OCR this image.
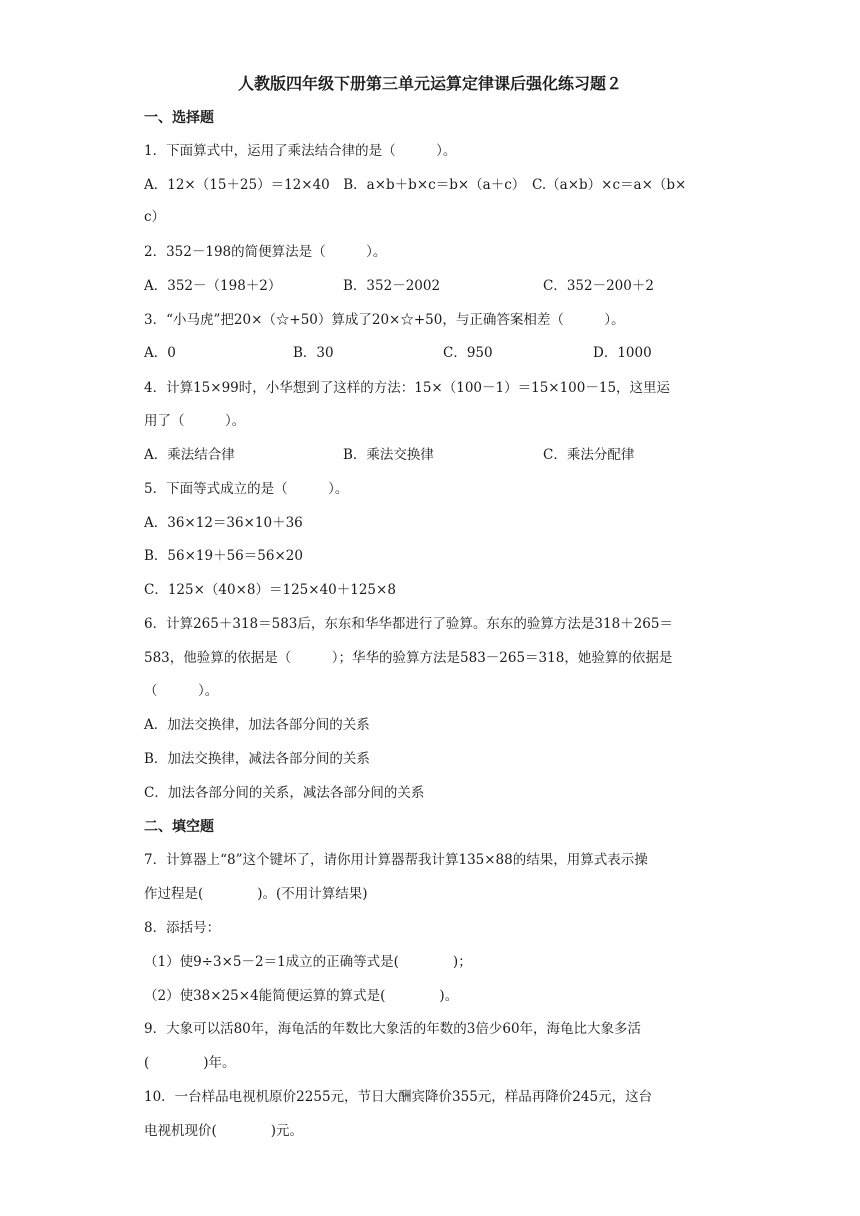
人教版四年级下册第三单元运算定律课后强化练习题２
一、选择题
1．下面算式中，运用了乘法结合律的是（　　　）。
A．12×（15＋25）＝12×40　B．a×b＋b×c＝b×（a＋c）　C.（a×b）×c＝a×（b×
c）
2．352－198的简便算法是（　　　）。
A．352－（198＋2）	B．352－2002	C．352－200＋2
3．“小马虎”把20×（☆+50）算成了20×☆+50，与正确答案相差（　　　）。
A．0	B．30	C．950	D．1000
4．计算15×99时，小华想到了这样的方法：15×（100－1）＝15×100－15，这里运
用了（　　　）。
A．乘法结合律	B．乘法交换律	C．乘法分配律
5．下面等式成立的是（　　　）。
A．36×12＝36×10＋36
B．56×19＋56＝56×20
C．125×（40×8）＝125×40＋125×8
6．计算265＋318＝583后，东东和华华都进行了验算。东东的验算方法是318＋265＝
583，他验算的依据是（　　　）；华华的验算方法是583－265＝318，她验算的依据是
（　　　）。
A．加法交换律，加法各部分间的关系
B．加法交换律，减法各部分间的关系
C．加法各部分间的关系，减法各部分间的关系
二、填空题
7．计算器上“8”这个键坏了，请你用计算器帮我计算135×88的结果，用算式表示操
作过程是(　　　　)。(不用计算结果)
8．添括号：
（1）使9÷3×5－2＝1成立的正确等式是(　　　　)；
（2）使38×25×4能简便运算的算式是(　　　　)。
9．大象可以活80年，海龟活的年数比大象活的年数的3倍少60年，海龟比大象多活
(　　　　)年。
10．一台样品电视机原价2255元，节日大酬宾降价355元，样品再降价245元，这台
电视机现价(　　　　)元。
